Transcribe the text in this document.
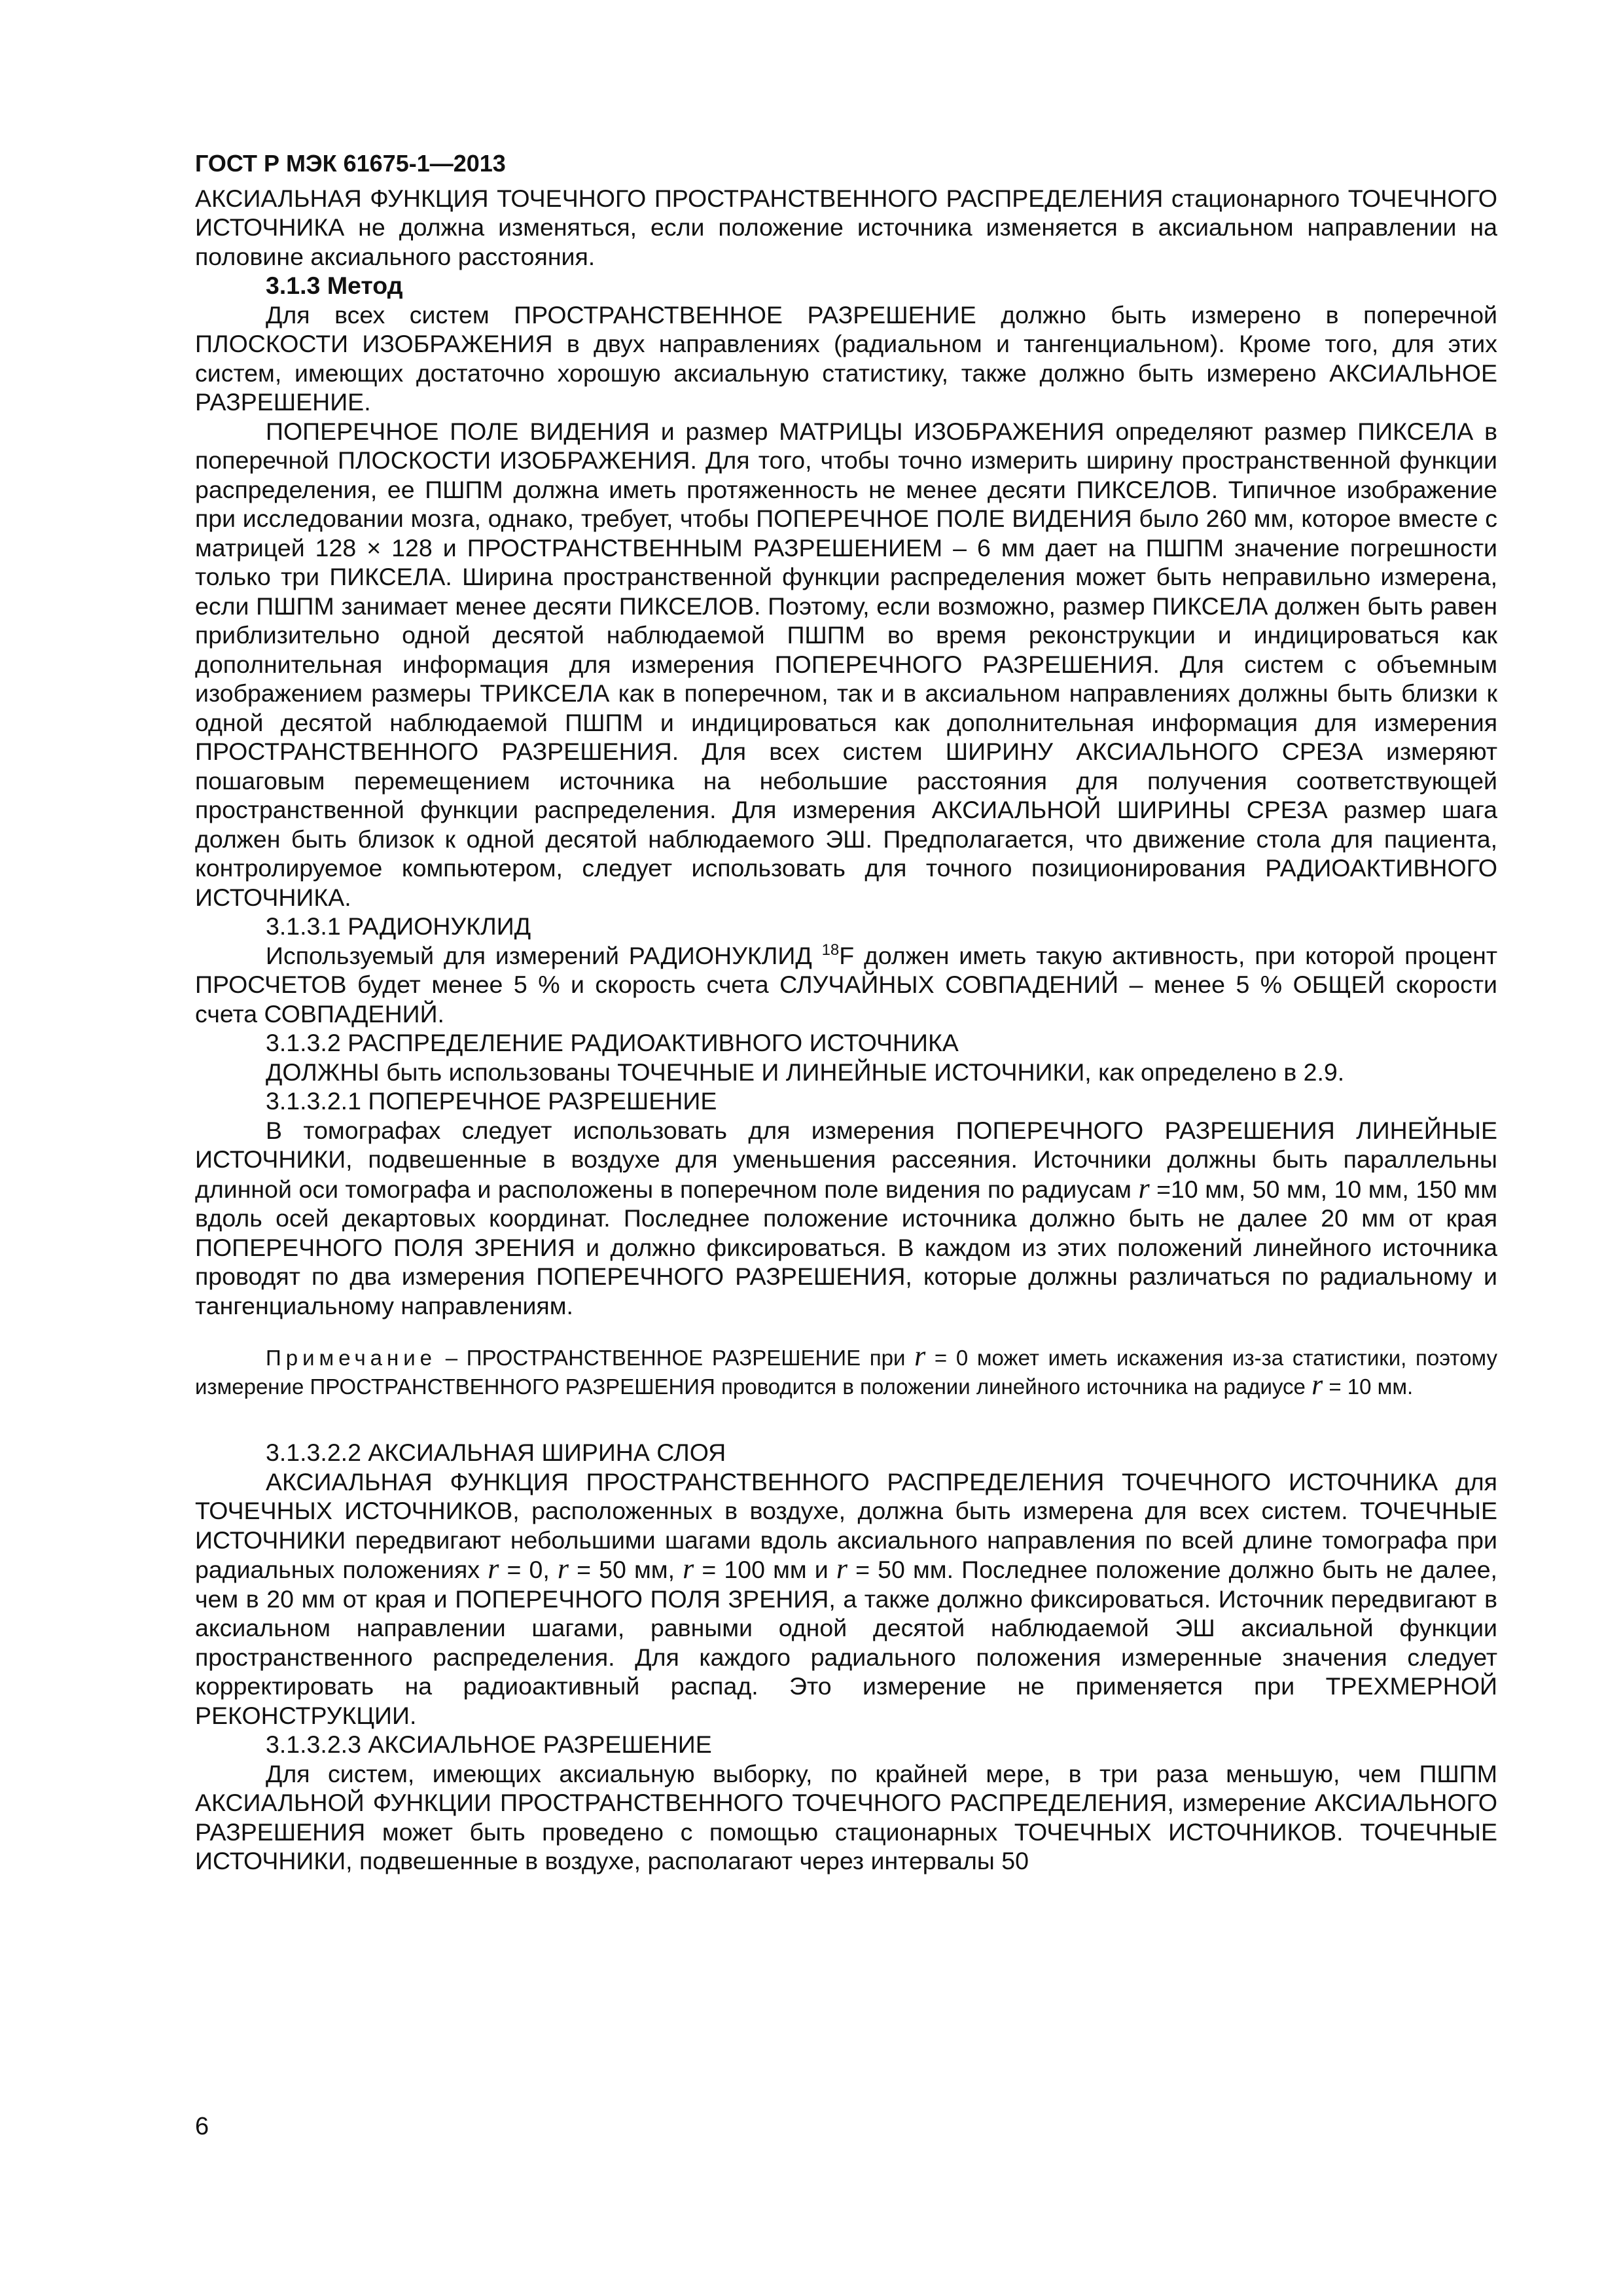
ГОСТ Р МЭК 61675-1—2013

АКСИАЛЬНАЯ ФУНКЦИЯ ТОЧЕЧНОГО ПРОСТРАНСТВЕННОГО РАСПРЕДЕЛЕНИЯ стационарного ТОЧЕЧНОГО ИСТОЧНИКА не должна изменяться, если положение источника изменяется в аксиальном направлении на половине аксиального расстояния.

3.1.3 Метод

Для всех систем ПРОСТРАНСТВЕННОЕ РАЗРЕШЕНИЕ должно быть измерено в поперечной ПЛОСКОСТИ ИЗОБРАЖЕНИЯ в двух направлениях (радиальном и тангенциальном). Кроме того, для этих систем, имеющих достаточно хорошую аксиальную статистику, также должно быть измерено АКСИАЛЬНОЕ РАЗРЕШЕНИЕ.

ПОПЕРЕЧНОЕ ПОЛЕ ВИДЕНИЯ и размер МАТРИЦЫ ИЗОБРАЖЕНИЯ определяют размер ПИКСЕЛА в поперечной ПЛОСКОСТИ ИЗОБРАЖЕНИЯ. Для того, чтобы точно измерить ширину пространственной функции распределения, ее ПШПМ должна иметь протяженность не менее десяти ПИКСЕЛОВ. Типичное изображение при исследовании мозга, однако, требует, чтобы ПОПЕРЕЧНОЕ ПОЛЕ ВИДЕНИЯ было 260 мм, которое вместе с матрицей 128 × 128 и ПРОСТРАНСТВЕННЫМ РАЗРЕШЕНИЕМ – 6 мм дает на ПШПМ значение погрешности только три ПИКСЕЛА. Ширина пространственной функции распределения может быть неправильно измерена, если ПШПМ занимает менее десяти ПИКСЕЛОВ. Поэтому, если возможно, размер ПИКСЕЛА должен быть равен приблизительно одной десятой наблюдаемой ПШПМ во время реконструкции и индицироваться как дополнительная информация для измерения ПОПЕРЕЧНОГО РАЗРЕШЕНИЯ. Для систем с объемным изображением размеры ТРИКСЕЛА как в поперечном, так и в аксиальном направлениях должны быть близки к одной десятой наблюдаемой ПШПМ и индицироваться как дополнительная информация для измерения ПРОСТРАНСТВЕННОГО РАЗРЕШЕНИЯ. Для всех систем ШИРИНУ АКСИАЛЬНОГО СРЕЗА измеряют пошаговым перемещением источника на небольшие расстояния для получения соответствующей пространственной функции распределения. Для измерения АКСИАЛЬНОЙ ШИРИНЫ СРЕЗА размер шага должен быть близок к одной десятой наблюдаемого ЭШ. Предполагается, что движение стола для пациента, контролируемое компьютером, следует использовать для точного позиционирования РАДИОАКТИВНОГО ИСТОЧНИКА.

3.1.3.1 РАДИОНУКЛИД

Используемый для измерений РАДИОНУКЛИД $^{18}$F должен иметь такую активность, при которой процент ПРОСЧЕТОВ будет менее 5 % и скорость счета СЛУЧАЙНЫХ СОВПАДЕНИЙ – менее 5 % ОБЩЕЙ скорости счета СОВПАДЕНИЙ.

3.1.3.2 РАСПРЕДЕЛЕНИЕ РАДИОАКТИВНОГО ИСТОЧНИКА

ДОЛЖНЫ быть использованы ТОЧЕЧНЫЕ И ЛИНЕЙНЫЕ ИСТОЧНИКИ, как определено в 2.9.

3.1.3.2.1 ПОПЕРЕЧНОЕ РАЗРЕШЕНИЕ

В томографах следует использовать для измерения ПОПЕРЕЧНОГО РАЗРЕШЕНИЯ ЛИНЕЙНЫЕ ИСТОЧНИКИ, подвешенные в воздухе для уменьшения рассеяния. Источники должны быть параллельны длинной оси томографа и расположены в поперечном поле видения по радиусам r =10 мм, 50 мм, 10 мм, 150 мм вдоль осей декартовых координат. Последнее положение источника должно быть не далее 20 мм от края ПОПЕРЕЧНОГО ПОЛЯ ЗРЕНИЯ и должно фиксироваться. В каждом из этих положений линейного источника проводят по два измерения ПОПЕРЕЧНОГО РАЗРЕШЕНИЯ, которые должны различаться по радиальному и тангенциальному направлениям.

Примечание – ПРОСТРАНСТВЕННОЕ РАЗРЕШЕНИЕ при r = 0 может иметь искажения из-за статистики, поэтому измерение ПРОСТРАНСТВЕННОГО РАЗРЕШЕНИЯ проводится в положении линейного источника на радиусе r = 10 мм.

3.1.3.2.2 АКСИАЛЬНАЯ ШИРИНА СЛОЯ

АКСИАЛЬНАЯ ФУНКЦИЯ ПРОСТРАНСТВЕННОГО РАСПРЕДЕЛЕНИЯ ТОЧЕЧНОГО ИСТОЧНИКА для ТОЧЕЧНЫХ ИСТОЧНИКОВ, расположенных в воздухе, должна быть измерена для всех систем. ТОЧЕЧНЫЕ ИСТОЧНИКИ передвигают небольшими шагами вдоль аксиального направления по всей длине томографа при радиальных положениях r = 0, r = 50 мм, r = 100 мм и r = 50 мм. Последнее положение должно быть не далее, чем в 20 мм от края и ПОПЕРЕЧНОГО ПОЛЯ ЗРЕНИЯ, а также должно фиксироваться. Источник передвигают в аксиальном направлении шагами, равными одной десятой наблюдаемой ЭШ аксиальной функции пространственного распределения. Для каждого радиального положения измеренные значения следует корректировать на радиоактивный распад. Это измерение не применяется при ТРЕХМЕРНОЙ РЕКОНСТРУКЦИИ.

3.1.3.2.3 АКСИАЛЬНОЕ РАЗРЕШЕНИЕ

Для систем, имеющих аксиальную выборку, по крайней мере, в три раза меньшую, чем ПШПМ АКСИАЛЬНОЙ ФУНКЦИИ ПРОСТРАНСТВЕННОГО ТОЧЕЧНОГО РАСПРЕДЕЛЕНИЯ, измерение АКСИАЛЬНОГО РАЗРЕШЕНИЯ может быть проведено с помощью стационарных ТОЧЕЧНЫХ ИСТОЧНИКОВ. ТОЧЕЧНЫЕ ИСТОЧНИКИ, подвешенные в воздухе, располагают через интервалы 50

6
